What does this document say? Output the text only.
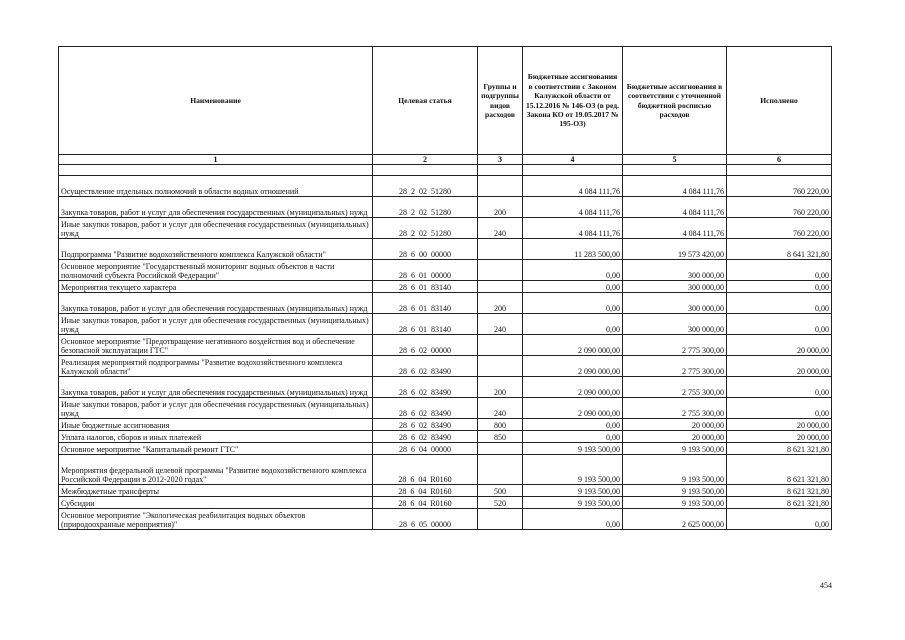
Наименование	Целевая статья	Группы и подгруппы видов расходов	Бюджетные ассигнования в соответствии с Законом Калужской области от 15.12.2016 № 146-ОЗ (в ред. Закона КО от 19.05.2017 № 195-ОЗ)	Бюджетные ассигнования в соответствии с уточненной бюджетной росписью расходов	Исполнено
1	2	3	4	5	6

Осуществление отдельных полномочий в области водных отношений	28  2  02  51280		4 084 111,76	4 084 111,76	760 220,00
Закупка товаров, работ и услуг для обеспечения государственных (муниципальных) нужд	28  2  02  51280	200	4 084 111,76	4 084 111,76	760 220,00
Иные закупки товаров, работ и услуг для обеспечения государственных (муниципальных) нужд	28  2  02  51280	240	4 084 111,76	4 084 111,76	760 220,00
Подпрограмма "Развитие водохозяйственного комплекса Калужской области"	28  6  00  00000		11 283 500,00	19 573 420,00	8 641 321,80
Основное мероприятие "Государственный мониторинг водных объектов в части полномочий субъекта Российской Федерации"	28  6  01  00000		0,00	300 000,00	0,00
Мероприятия текущего характера	28  6  01  83140		0,00	300 000,00	0,00
Закупка товаров, работ и услуг для обеспечения государственных (муниципальных) нужд	28  6  01  83140	200	0,00	300 000,00	0,00
Иные закупки товаров, работ и услуг для обеспечения государственных (муниципальных) нужд	28  6  01  83140	240	0,00	300 000,00	0,00
Основное мероприятие "Предотвращение негативного воздействия вод и обеспечение безопасной эксплуатации ГТС"	28  6  02  00000		2 090 000,00	2 775 300,00	20 000,00
Реализация мероприятий подпрограммы "Развитие водохозяйственного комплекса Калужской области"	28  6  02  83490		2 090 000,00	2 775 300,00	20 000,00
Закупка товаров, работ и услуг для обеспечения государственных (муниципальных) нужд	28  6  02  83490	200	2 090 000,00	2 755 300,00	0,00
Иные закупки товаров, работ и услуг для обеспечения государственных (муниципальных) нужд	28  6  02  83490	240	2 090 000,00	2 755 300,00	0,00
Иные бюджетные ассигнования	28  6  02  83490	800	0,00	20 000,00	20 000,00
Уплата налогов, сборов и иных платежей	28  6  02  83490	850	0,00	20 000,00	20 000,00
Основное мероприятие "Капитальный ремонт ГТС"	28  6  04  00000		9 193 500,00	9 193 500,00	8 621 321,80
Мероприятия федеральной целевой программы "Развитие водохозяйственного комплекса Российской Федерации в 2012-2020 годах"	28  6  04  R0160		9 193 500,00	9 193 500,00	8 621 321,80
Межбюджетные трансферты	28  6  04  R0160	500	9 193 500,00	9 193 500,00	8 621 321,80
Субсидии	28  6  04  R0160	520	9 193 500,00	9 193 500,00	8 621 321,80
Основное мероприятие "Экологическая реабилитация водных объектов (природоохранные мероприятия)"	28  6  05  00000		0,00	2 625 000,00	0,00
454
